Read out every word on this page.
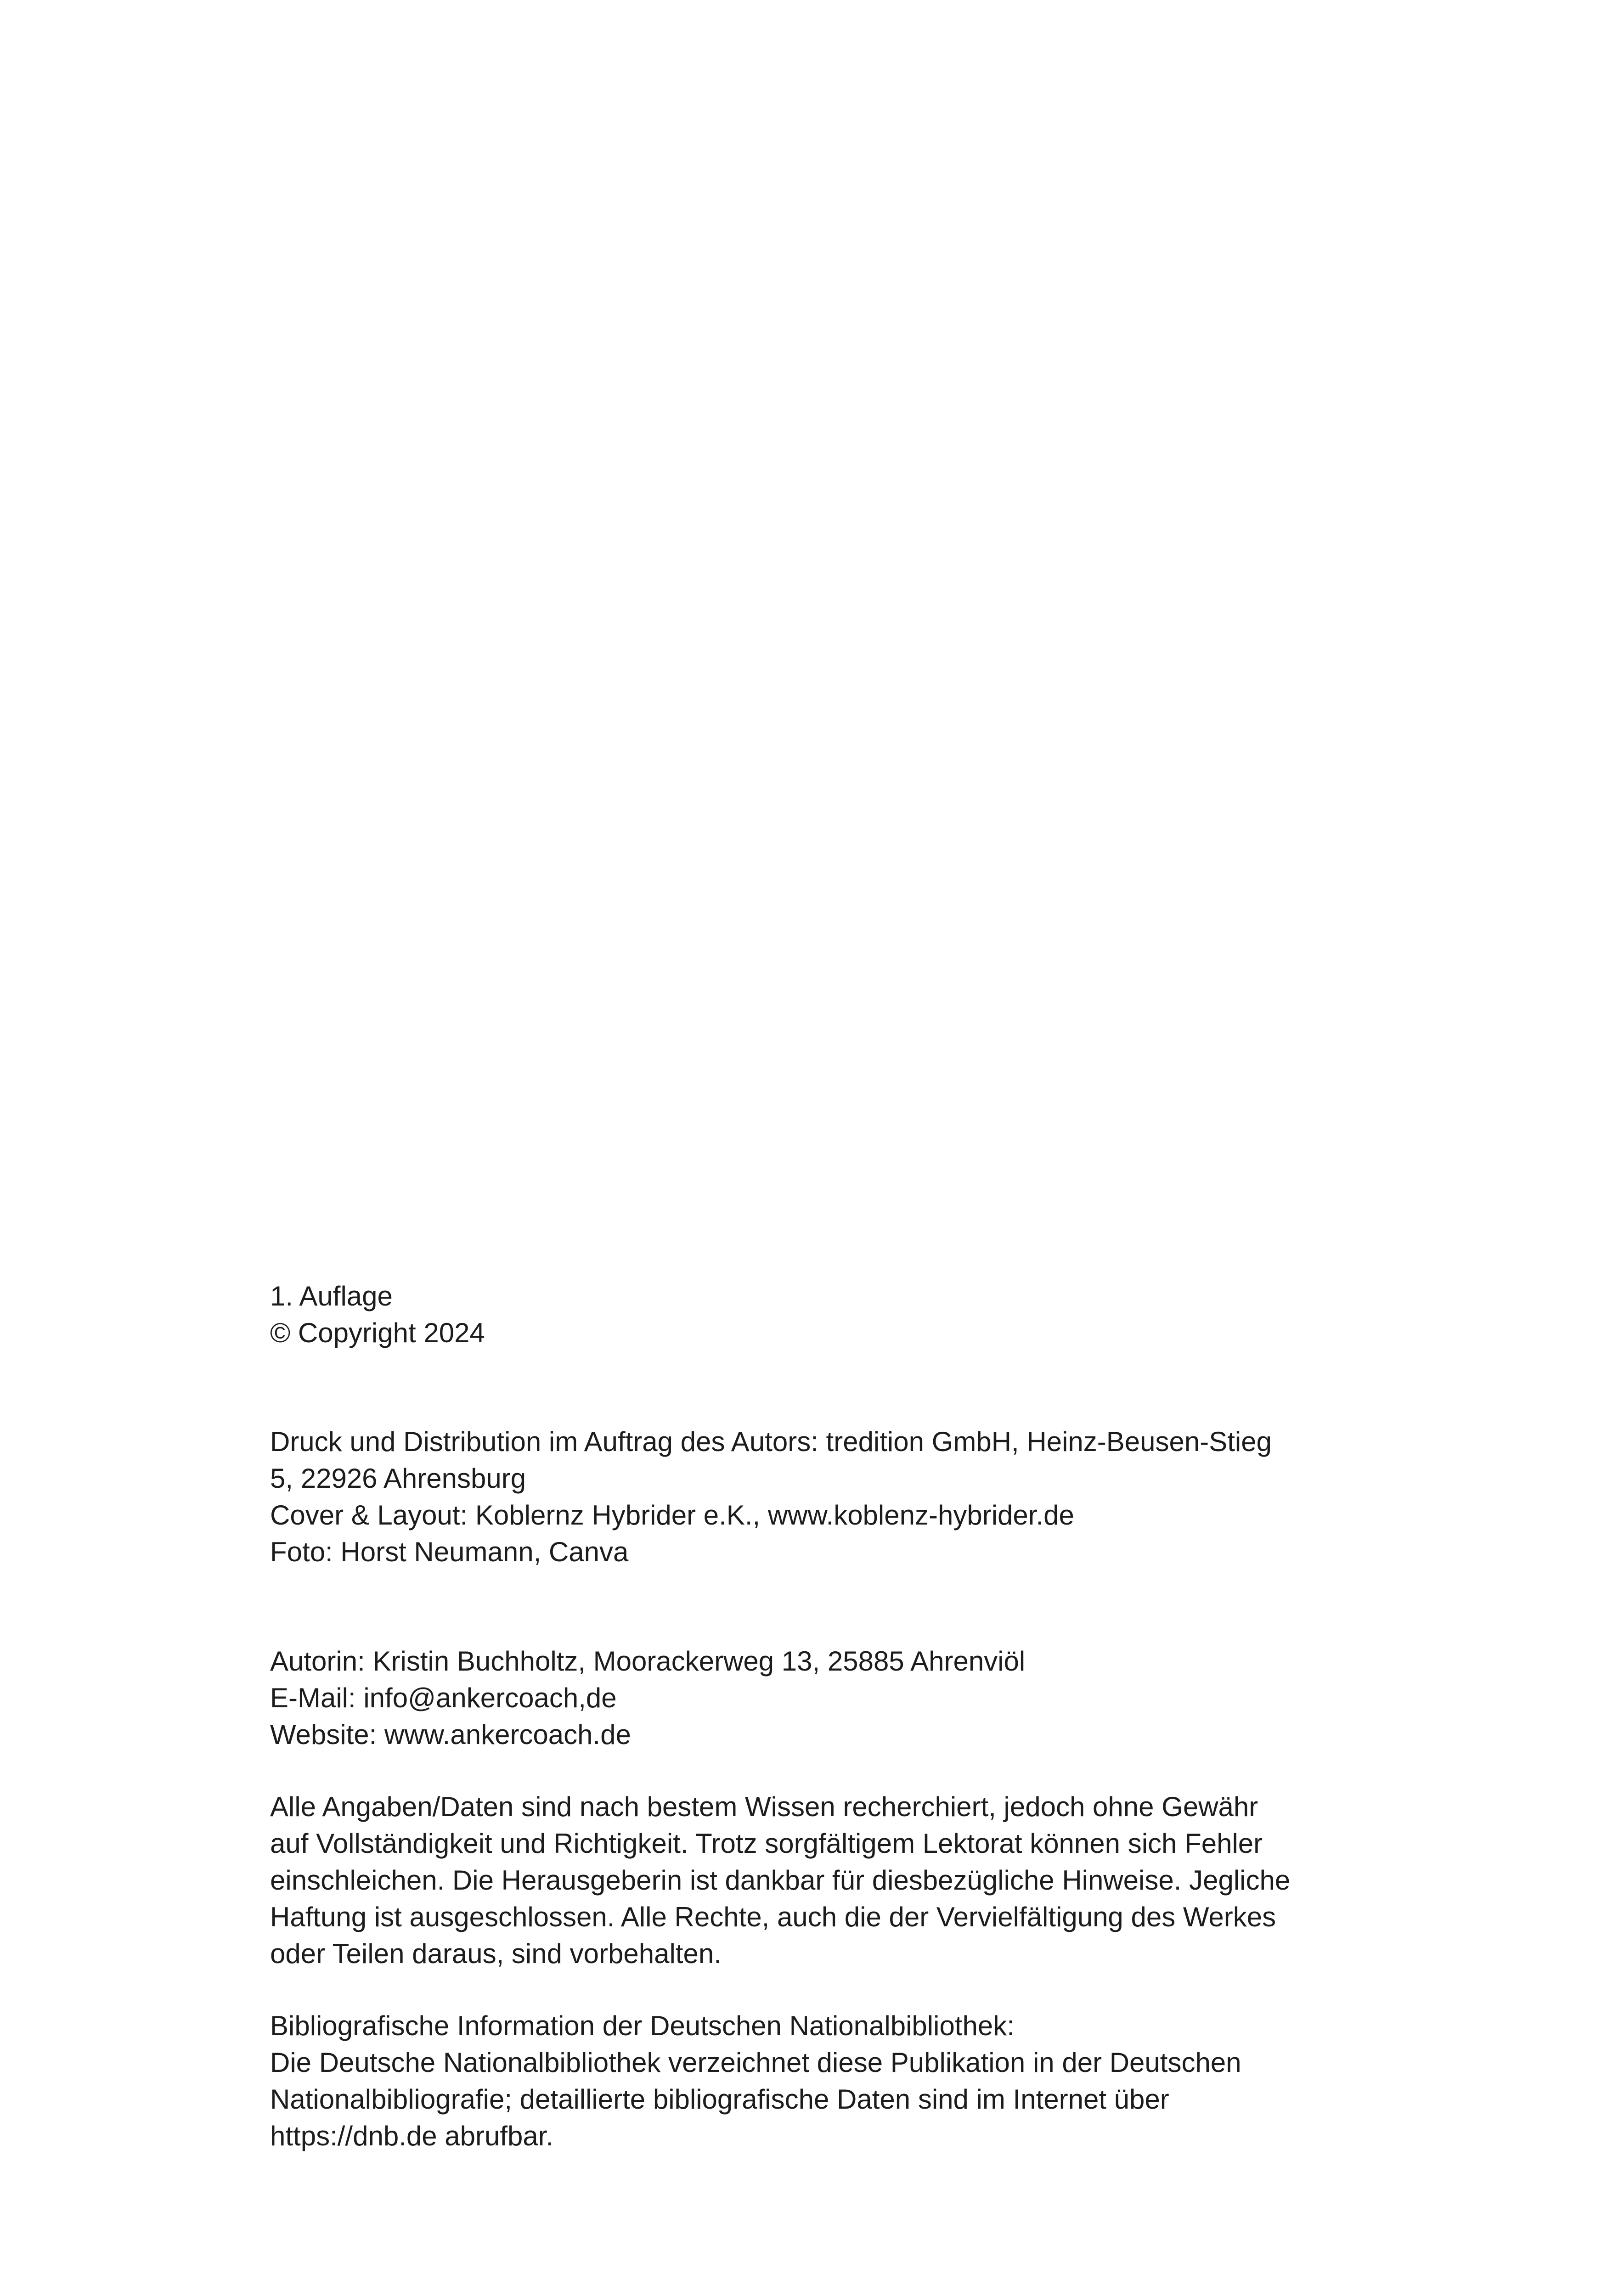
1. Auflage
© Copyright 2024
Druck und Distribution im Auftrag des Autors: tredition GmbH, Heinz-Beusen-Stieg
5, 22926 Ahrensburg
Cover & Layout: Koblernz Hybrider e.K., www.koblenz-hybrider.de
Foto: Horst Neumann, Canva
Autorin: Kristin Buchholtz, Moorackerweg 13, 25885 Ahrenviöl
E-Mail: info@ankercoach,de
Website: www.ankercoach.de
Alle Angaben/Daten sind nach bestem Wissen recherchiert, jedoch ohne Gewähr
auf Vollständigkeit und Richtigkeit. Trotz sorgfältigem Lektorat können sich Fehler
einschleichen. Die Herausgeberin ist dankbar für diesbezügliche Hinweise. Jegliche
Haftung ist ausgeschlossen. Alle Rechte, auch die der Vervielfältigung des Werkes
oder Teilen daraus, sind vorbehalten.
Bibliografische Information der Deutschen Nationalbibliothek:
Die Deutsche Nationalbibliothek verzeichnet diese Publikation in der Deutschen
Nationalbibliografie; detaillierte bibliografische Daten sind im Internet über
https://dnb.de abrufbar.
